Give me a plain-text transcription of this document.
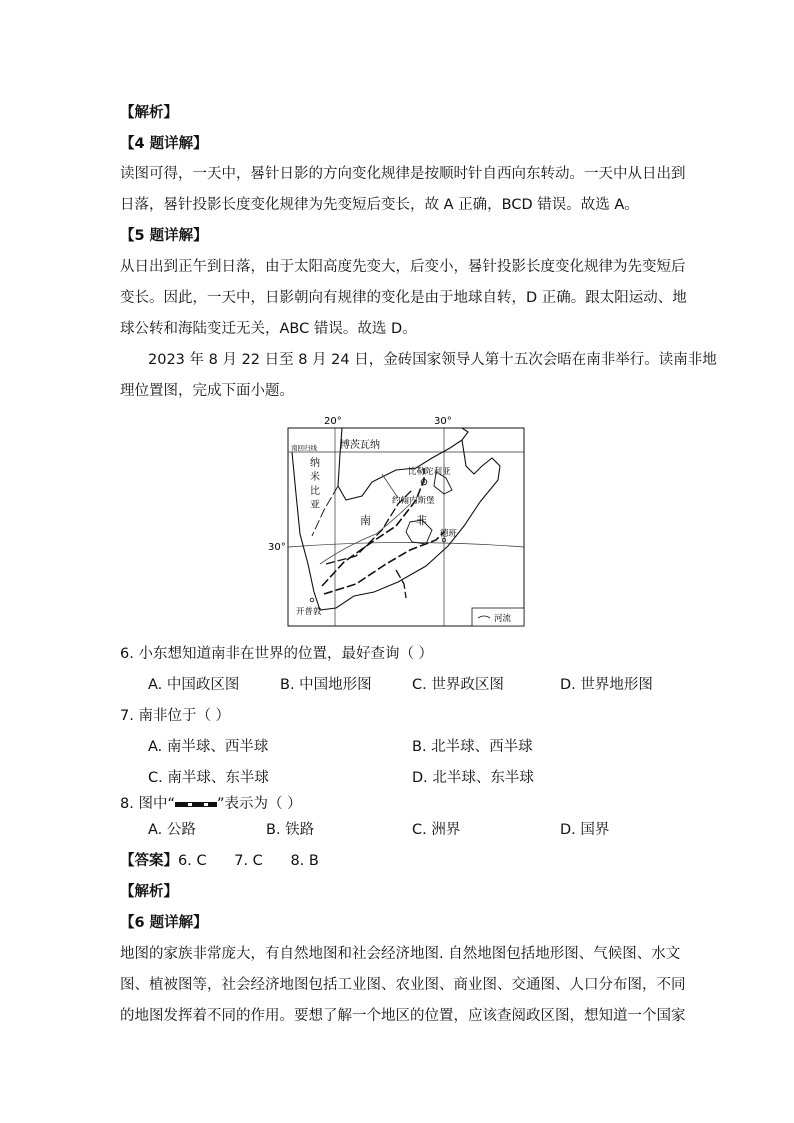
【解析】
【4 题详解】
读图可得，一天中，晷针日影的方向变化规律是按顺时针自西向东转动。一天中从日出到
日落，晷针投影长度变化规律为先变短后变长，故 A 正确，BCD 错误。故选 A。
【5 题详解】
从日出到正午到日落，由于太阳高度先变大，后变小，晷针投影长度变化规律为先变短后
变长。因此，一天中，日影朝向有规律的变化是由于地球自转，D 正确。跟太阳运动、地
球公转和海陆变迁无关，ABC 错误。故选 D。
2023 年 8 月 22 日至 8 月 24 日，金砖国家领导人第十五次会晤在南非举行。读南非地
理位置图，完成下面小题。
20°	30°
30°
南回归线 博茨瓦纳
纳
米
比
亚
比勒陀利亚
约翰内斯堡
南	非
德班
开普敦
河流
6. 小东想知道南非在世界的位置，最好查询（ ）
A. 中国政区图	B. 中国地形图	C. 世界政区图	D. 世界地形图
7. 南非位于（ ）
A. 南半球、西半球	B. 北半球、西半球
C. 南半球、东半球	D. 北半球、东半球
8. 图中“	”表示为（ ）
A. 公路	B. 铁路	C. 洲界	D. 国界
【答案】6. C      7. C      8. B
【解析】
【6 题详解】
地图的家族非常庞大，有自然地图和社会经济地图. 自然地图包括地形图、气候图、水文
图、植被图等，社会经济地图包括工业图、农业图、商业图、交通图、人口分布图，不同
的地图发挥着不同的作用。要想了解一个地区的位置，应该查阅政区图，想知道一个国家
